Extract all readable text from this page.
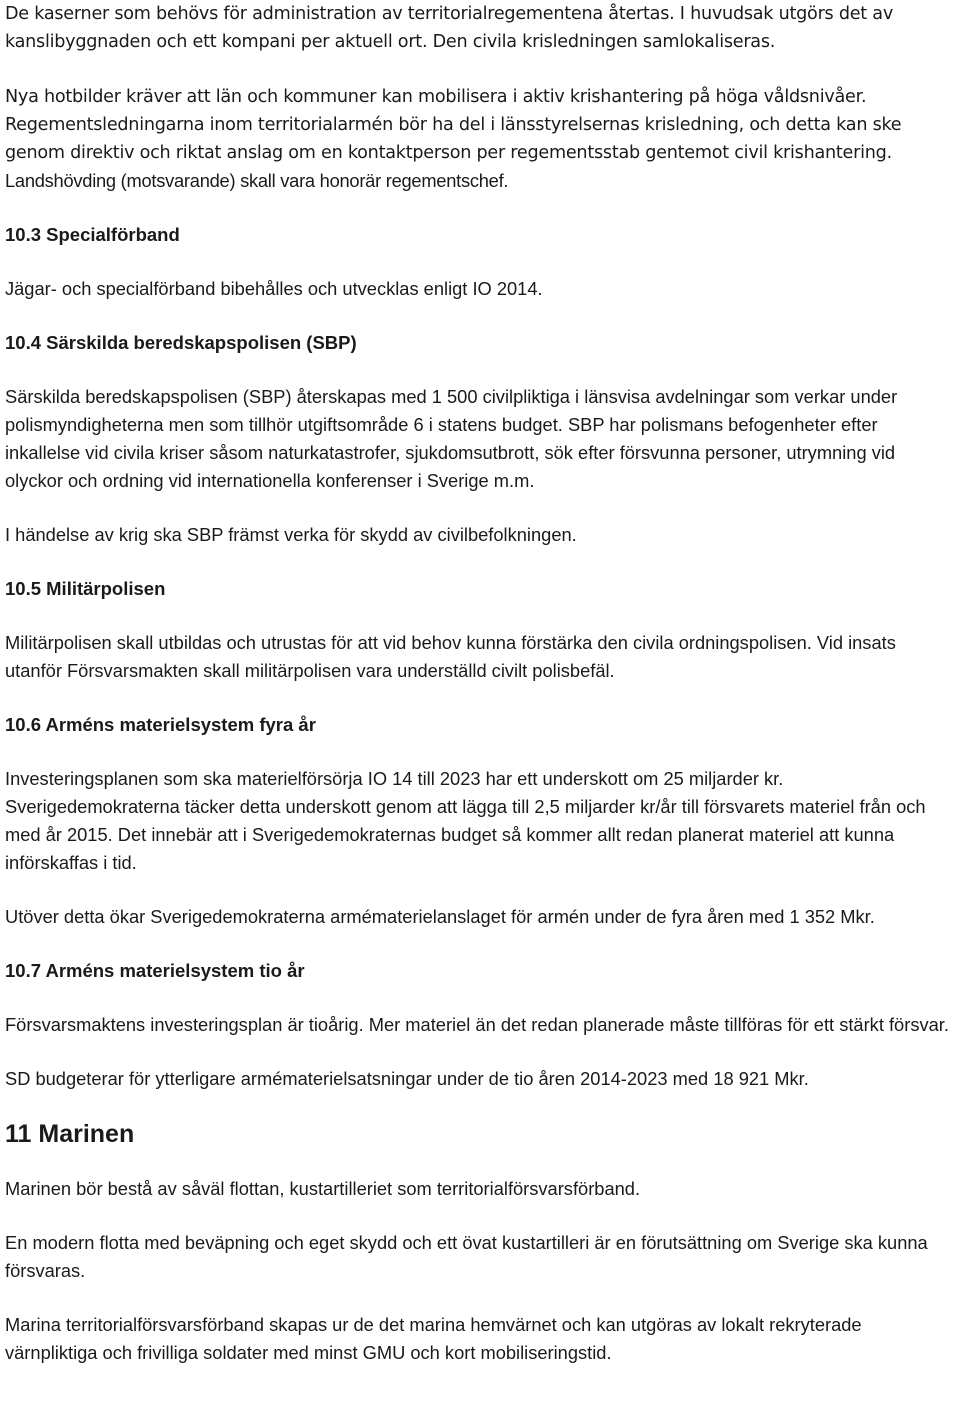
De kaserner som behövs för administration av territorialregementena återtas. I huvudsak utgörs det av kanslibyggnaden och ett kompani per aktuell ort. Den civila krisledningen samlokaliseras.

Nya hotbilder kräver att län och kommuner kan mobilisera i aktiv krishantering på höga våldsnivåer.

Regementsledningarna inom territorialarmén bör ha del i länsstyrelsernas krisledning, och detta kan ske genom direktiv och riktat anslag om en kontaktperson per regementsstab gentemot civil krishantering. Landshövding (motsvarande) skall vara honorär regementschef.

10.3 Specialförband

Jägar- och specialförband bibehålles och utvecklas enligt IO 2014.

10.4 Särskilda beredskapspolisen (SBP)

Särskilda beredskapspolisen (SBP) återskapas med 1 500 civilpliktiga i länsvisa avdelningar som verkar under polismyndigheterna men som tillhör utgiftsområde 6 i statens budget. SBP har polismans befogenheter efter inkallelse vid civila kriser såsom naturkatastrofer, sjukdomsutbrott, sök efter försvunna personer, utrymning vid olyckor och ordning vid internationella konferenser i Sverige m.m.

I händelse av krig ska SBP främst verka för skydd av civilbefolkningen.

10.5 Militärpolisen

Militärpolisen skall utbildas och utrustas för att vid behov kunna förstärka den civila ordningspolisen. Vid insats utanför Försvarsmakten skall militärpolisen vara underställd civilt polisbefäl.

10.6 Arméns materielsystem fyra år

Investeringsplanen som ska materielförsörja IO 14 till 2023 har ett underskott om 25 miljarder kr. Sverigedemokraterna täcker detta underskott genom att lägga till 2,5 miljarder kr/år till försvarets materiel från och med år 2015. Det innebär att i Sverigedemokraternas budget så kommer allt redan planerat materiel att kunna införskaffas i tid.

Utöver detta ökar Sverigedemokraterna armématerielanslaget för armén under de fyra åren med 1 352 Mkr.

10.7 Arméns materielsystem tio år

Försvarsmaktens investeringsplan är tioårig. Mer materiel än det redan planerade måste tillföras för ett stärkt försvar.

SD budgeterar för ytterligare armématerielsatsningar under de tio åren 2014-2023 med 18 921 Mkr.

11 Marinen

Marinen bör bestå av såväl flottan, kustartilleriet som territorialförsvarsförband.

En modern flotta med beväpning och eget skydd och ett övat kustartilleri är en förutsättning om Sverige ska kunna försvaras.

Marina territorialförsvarsförband skapas ur de det marina hemvärnet och kan utgöras av lokalt rekryterade värnpliktiga och frivilliga soldater med minst GMU och kort mobiliseringstid.
